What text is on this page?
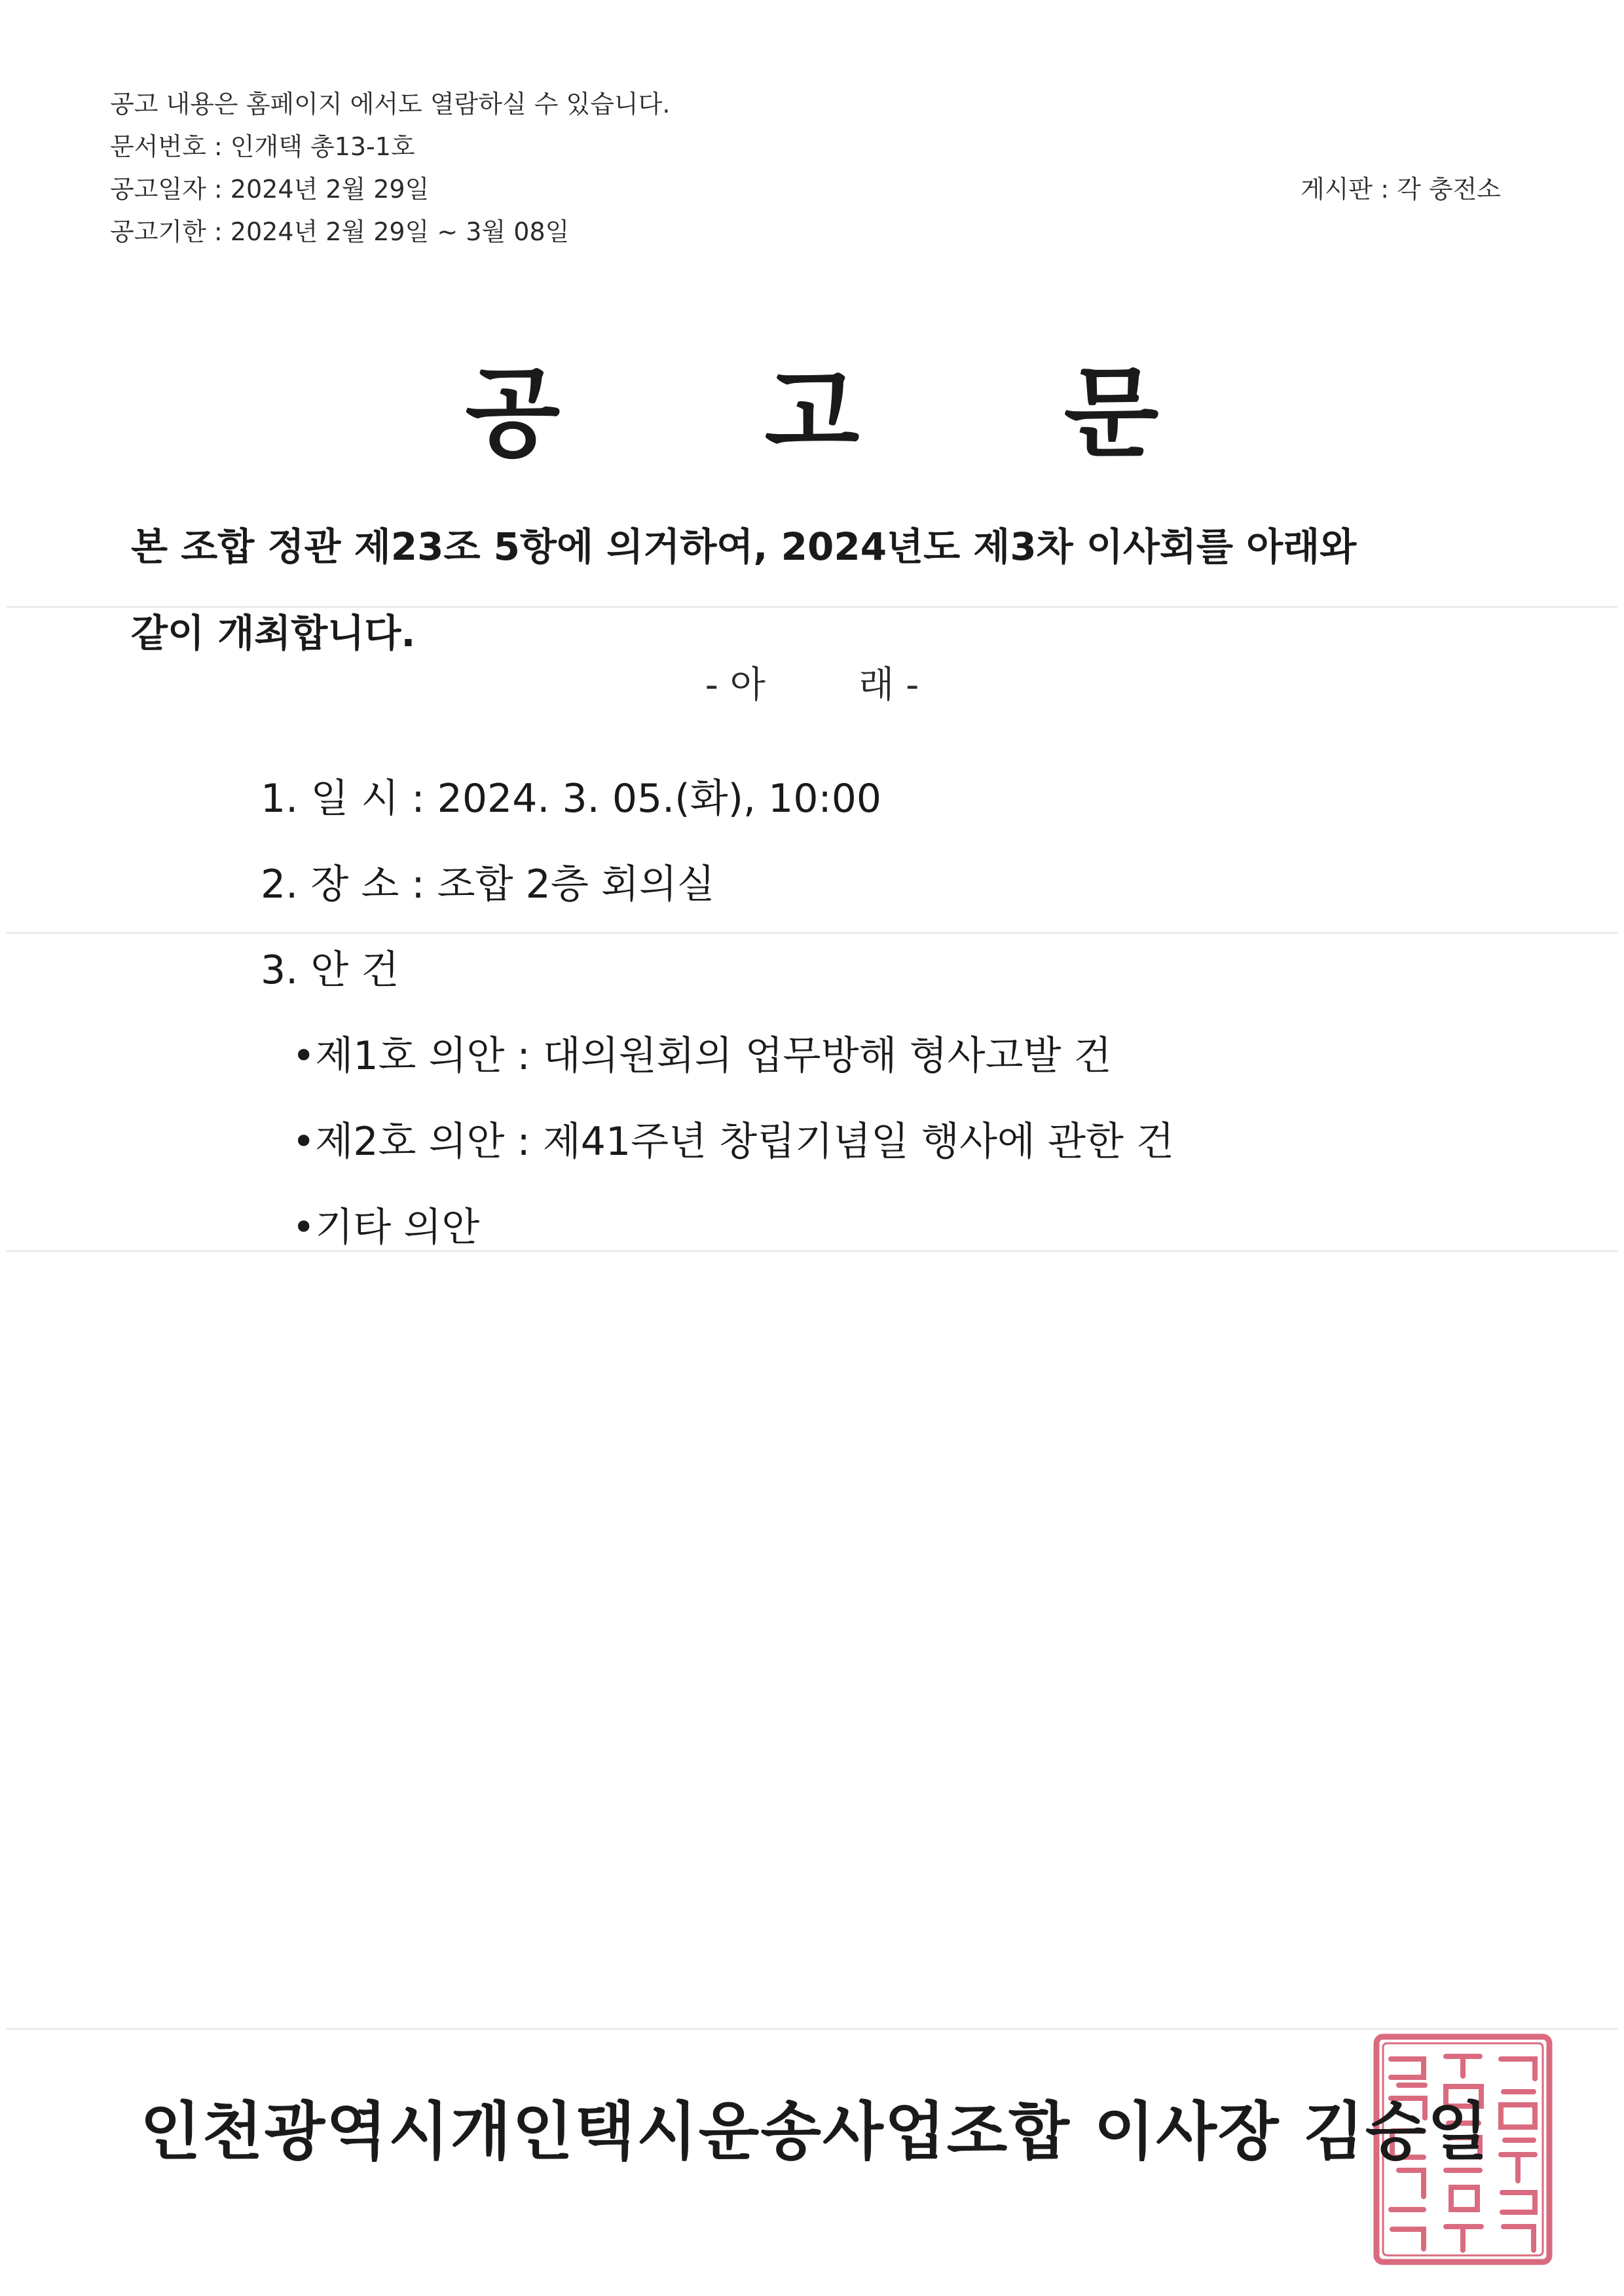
공고 내용은 홈페이지 에서도 열람하실 수 있습니다.
문서번호 : 인개택 총13-1호
공고일자 : 2024년 2월 29일
공고기한 : 2024년 2월 29일 ~ 3월 08일
게시판 : 각 충전소
공 고 문
본 조합 정관 제23조 5항에 의거하여, 2024년도 제3차 이사회를 아래와
같이 개최합니다.
- 아        래 -
1. 일 시 : 2024. 3. 05.(화), 10:00
2. 장 소 : 조합 2층 회의실
3. 안 건
•제1호 의안 : 대의원회의 업무방해 형사고발 건
•제2호 의안 : 제41주년 창립기념일 행사에 관한 건
•기타 의안
인천광역시개인택시운송사업조합 이사장 김승일
